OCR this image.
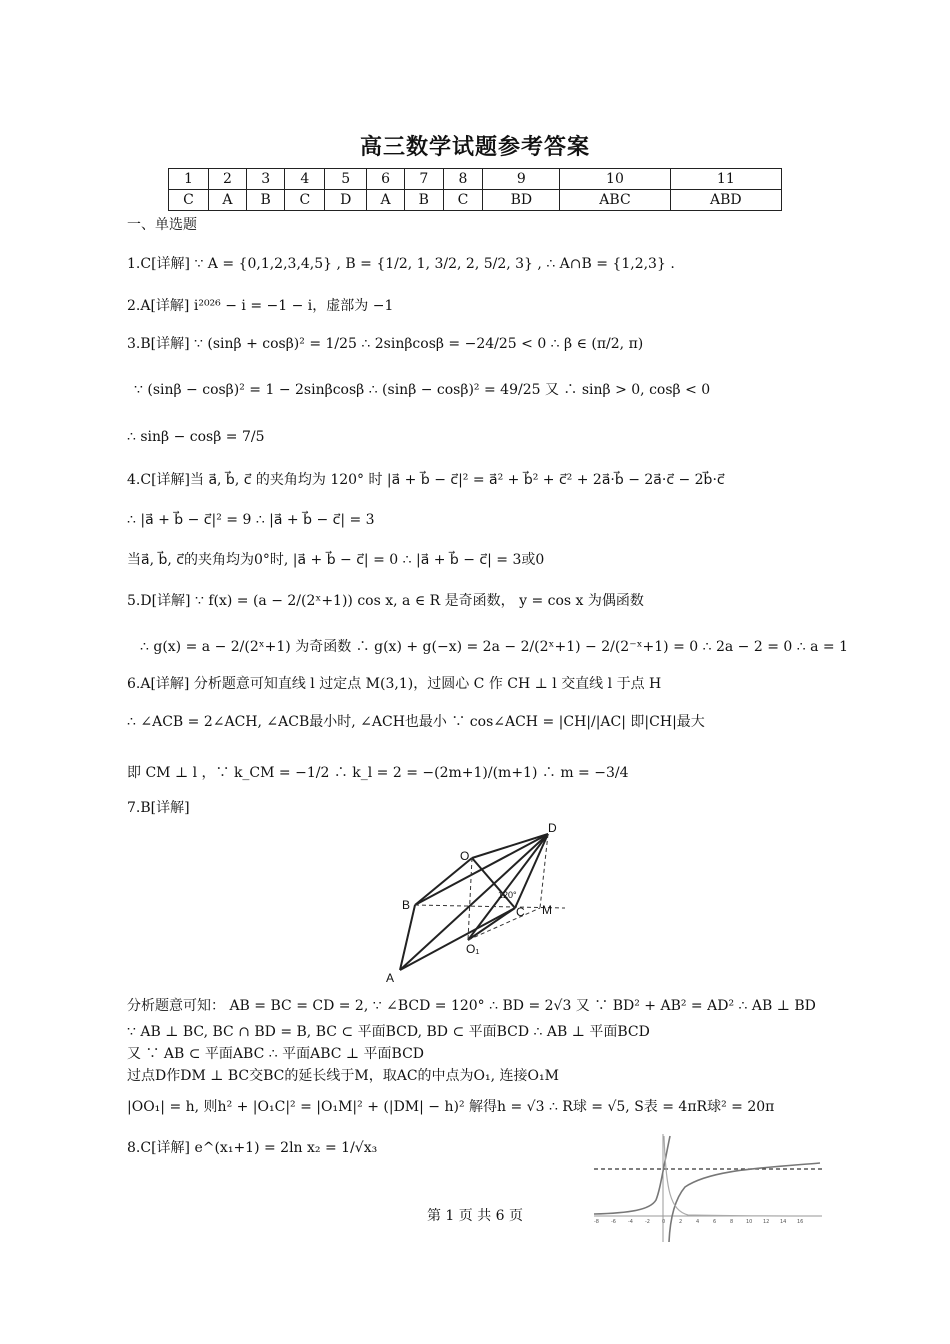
高三数学试题参考答案
1	2	3	4	5	6	7	8	9	10	11
C	A	B	C	D	A	B	C	BD	ABC	ABD
一、单选题
1.C[详解] ∵ A = {0,1,2,3,4,5} , B = {1/2, 1, 3/2, 2, 5/2, 3} , ∴ A∩B = {1,2,3} .
2.A[详解] i²⁰²⁶ − i = −1 − i，虚部为 −1
3.B[详解] ∵ (sinβ + cosβ)² = 1/25 ∴ 2sinβcosβ = −24/25 < 0 ∴ β ∈ (π/2, π)
∵ (sinβ − cosβ)² = 1 − 2sinβcosβ ∴ (sinβ − cosβ)² = 49/25 又 ∴ sinβ > 0, cosβ < 0
∴ sinβ − cosβ = 7/5
4.C[详解]当 a⃗, b⃗, c⃗ 的夹角均为 120° 时 |a⃗ + b⃗ − c⃗|² = a⃗² + b⃗² + c⃗² + 2a⃗·b⃗ − 2a⃗·c⃗ − 2b⃗·c⃗
∴ |a⃗ + b⃗ − c⃗|² = 9 ∴ |a⃗ + b⃗ − c⃗| = 3
当a⃗, b⃗, c⃗的夹角均为0°时, |a⃗ + b⃗ − c⃗| = 0 ∴ |a⃗ + b⃗ − c⃗| = 3或0
5.D[详解] ∵ f(x) = (a − 2/(2ˣ+1)) cos x, a ∈ R 是奇函数， y = cos x 为偶函数
∴ g(x) = a − 2/(2ˣ+1) 为奇函数 ∴ g(x) + g(−x) = 2a − 2/(2ˣ+1) − 2/(2⁻ˣ+1) = 0 ∴ 2a − 2 = 0 ∴ a = 1
6.A[详解] 分析题意可知直线 l 过定点 M(3,1)，过圆心 C 作 CH ⊥ l 交直线 l 于点 H
∴ ∠ACB = 2∠ACH, ∠ACB最小时, ∠ACH也最小 ∵ cos∠ACH = |CH|/|AC| 即|CH|最大
即 CM ⊥ l ，∵ k_CM = −1/2 ∴ k_l = 2 = −(2m+1)/(m+1) ∴ m = −3/4
7.B[详解]
D
O
B	C M
O₁
A
120°
分析题意可知： AB = BC = CD = 2, ∵ ∠BCD = 120° ∴ BD = 2√3 又 ∵ BD² + AB² = AD² ∴ AB ⊥ BD
∵ AB ⊥ BC, BC ∩ BD = B, BC ⊂ 平面BCD, BD ⊂ 平面BCD ∴ AB ⊥ 平面BCD
又 ∵ AB ⊂ 平面ABC ∴ 平面ABC ⊥ 平面BCD
过点D作DM ⊥ BC交BC的延长线于M，取AC的中点为O₁, 连接O₁M
|OO₁| = h, 则h² + |O₁C|² = |O₁M|² + (|DM| − h)² 解得h = √3 ∴ R球 = √5, S表 = 4πR球² = 20π
8.C[详解] e^(x₁+1) = 2ln x₂ = 1/√x₃
-8 -6 -4 -2 0	2	4	6	8	10 12 14 16
第 1 页 共 6 页
